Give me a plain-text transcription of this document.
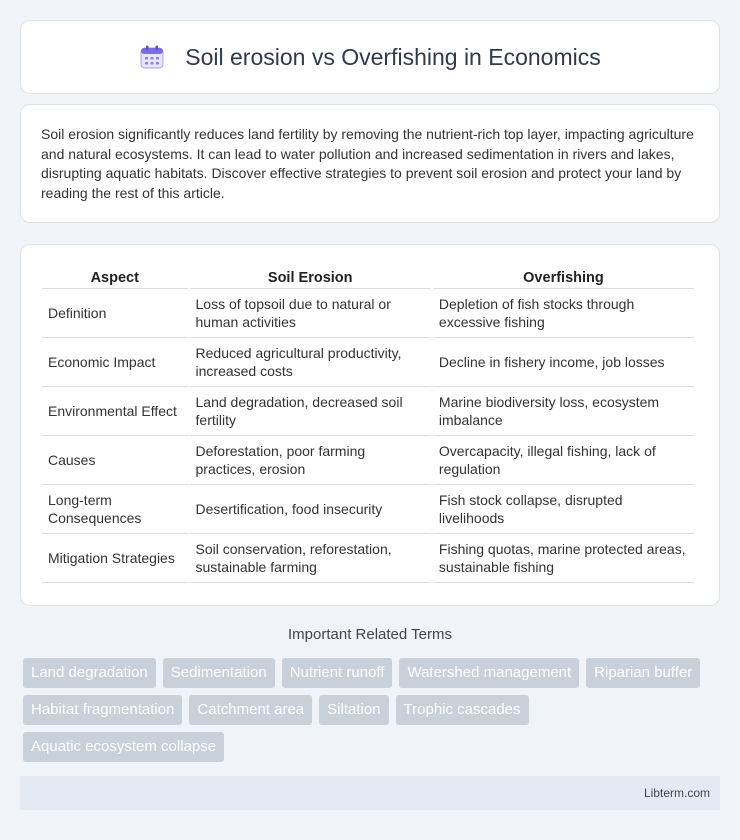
Soil erosion vs Overfishing in Economics

Soil erosion significantly reduces land fertility by removing the nutrient-rich top layer, impacting agriculture and natural ecosystems. It can lead to water pollution and increased sedimentation in rivers and lakes, disrupting aquatic habitats. Discover effective strategies to prevent soil erosion and protect your land by reading the rest of this article.

Aspect	Soil Erosion	Overfishing
Definition	Loss of topsoil due to natural or human activities	Depletion of fish stocks through excessive fishing
Economic Impact	Reduced agricultural productivity, increased costs	Decline in fishery income, job losses
Environmental Effect	Land degradation, decreased soil fertility	Marine biodiversity loss, ecosystem imbalance
Causes	Deforestation, poor farming practices, erosion	Overcapacity, illegal fishing, lack of regulation
Long-term Consequences	Desertification, food insecurity	Fish stock collapse, disrupted livelihoods
Mitigation Strategies	Soil conservation, reforestation, sustainable farming	Fishing quotas, marine protected areas, sustainable fishing
Important Related Terms
Land degradation	Sedimentation	Nutrient runoff	Watershed management	Riparian buffer
Habitat fragmentation	Catchment area	Siltation	Trophic cascades
Aquatic ecosystem collapse
Libterm.com
